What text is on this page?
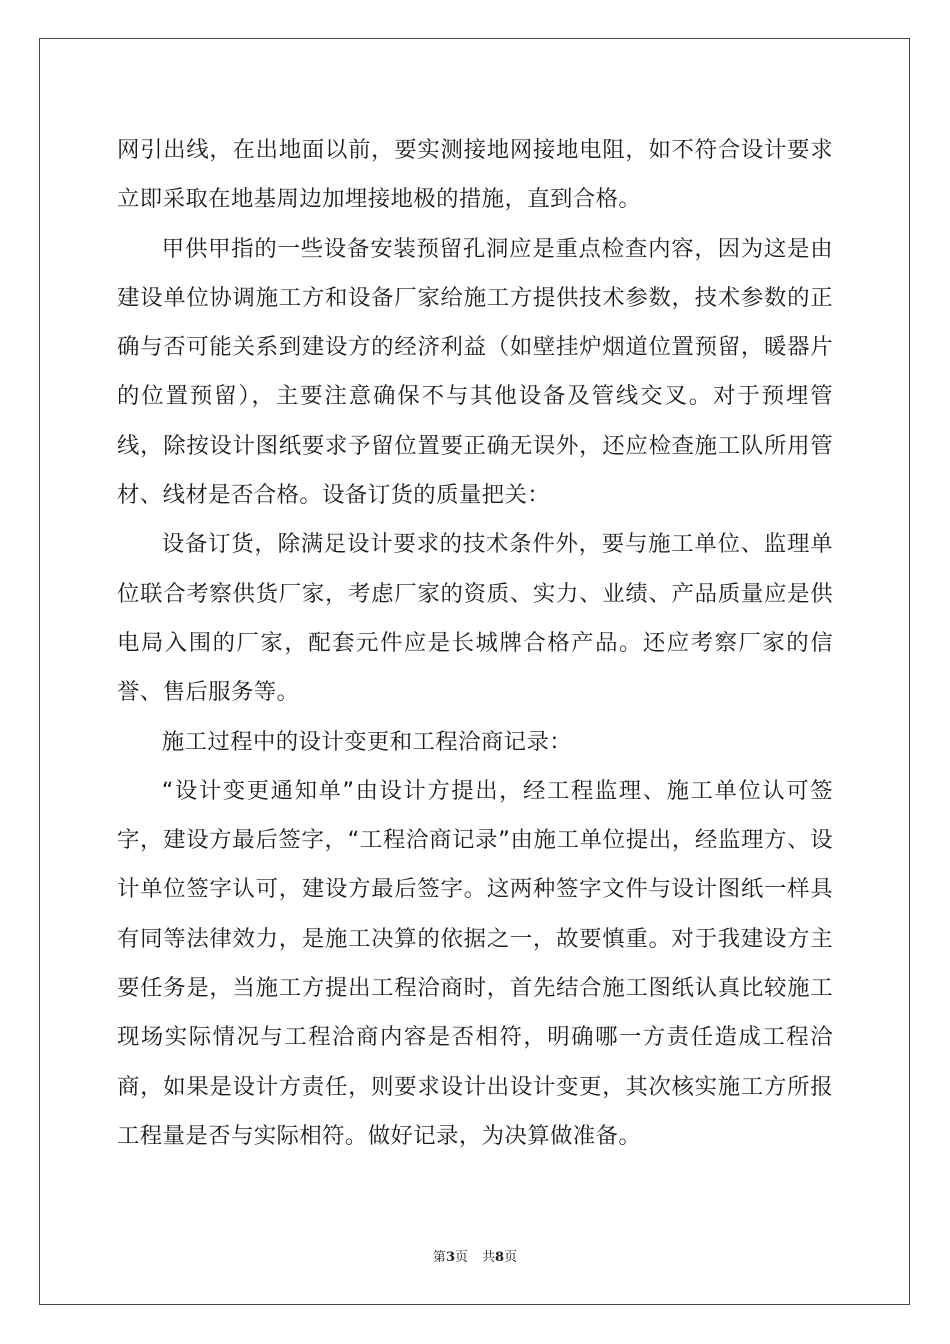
网引出线，在出地面以前，要实测接地网接地电阻，如不符合设计要求立即采取在地基周边加埋接地极的措施，直到合格。

甲供甲指的一些设备安装预留孔洞应是重点检查内容，因为这是由建设单位协调施工方和设备厂家给施工方提供技术参数，技术参数的正确与否可能关系到建设方的经济利益（如壁挂炉烟道位置预留，暖器片的位置预留），主要注意确保不与其他设备及管线交叉。对于预埋管线，除按设计图纸要求予留位置要正确无误外，还应检查施工队所用管材、线材是否合格。设备订货的质量把关：

设备订货，除满足设计要求的技术条件外，要与施工单位、监理单位联合考察供货厂家，考虑厂家的资质、实力、业绩、产品质量应是供电局入围的厂家，配套元件应是长城牌合格产品。还应考察厂家的信誉、售后服务等。

施工过程中的设计变更和工程洽商记录：

“设计变更通知单”由设计方提出，经工程监理、施工单位认可签字，建设方最后签字，“工程洽商记录”由施工单位提出，经监理方、设计单位签字认可，建设方最后签字。这两种签字文件与设计图纸一样具有同等法律效力，是施工决算的依据之一，故要慎重。对于我建设方主要任务是，当施工方提出工程洽商时，首先结合施工图纸认真比较施工现场实际情况与工程洽商内容是否相符，明确哪一方责任造成工程洽商，如果是设计方责任，则要求设计出设计变更，其次核实施工方所报工程量是否与实际相符。做好记录，为决算做准备。

第3页 共8页
